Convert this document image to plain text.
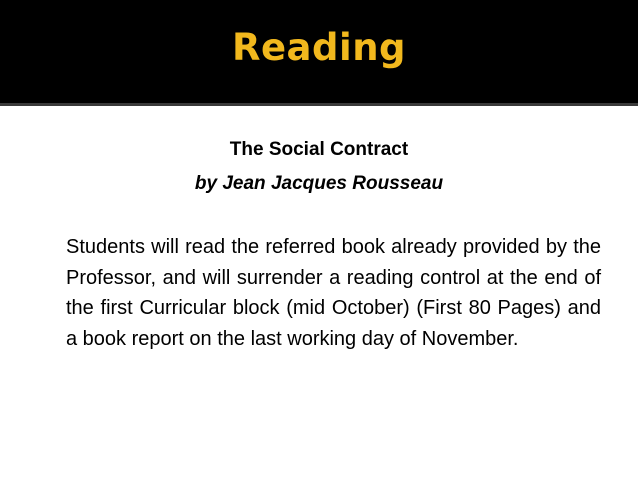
Reading
The Social Contract
by Jean Jacques Rousseau
Students will read the referred book already provided by the Professor, and will surrender a reading control at the end of the first Curricular block (mid October) (First 80 Pages) and a book report on the last working day of November.
